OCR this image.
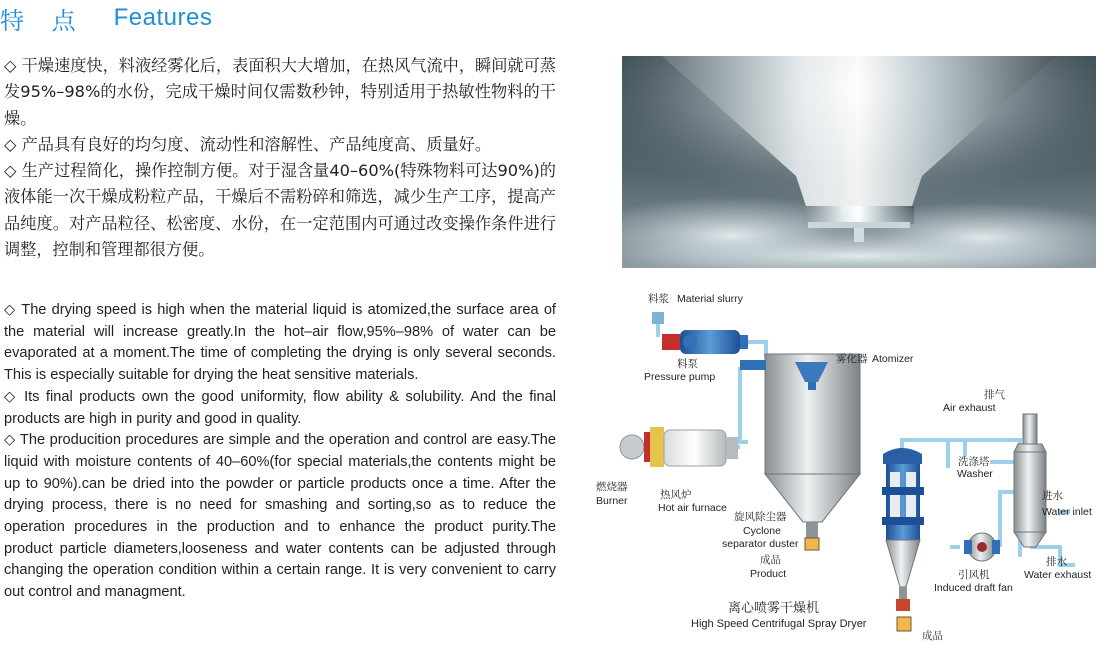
特 点 Features

◇ 干燥速度快，料液经雾化后，表面积大大增加，在热风气流中，瞬间就可蒸发95%–98%的水份，完成干燥时间仅需数秒钟，特别适用于热敏性物料的干燥。

◇ 产品具有良好的均匀度、流动性和溶解性、产品纯度高、质量好。

◇ 生产过程简化，操作控制方便。对于湿含量40–60%(特殊物料可达90%)的液体能一次干燥成粉粒产品，干燥后不需粉碎和筛选，减少生产工序，提高产品纯度。对产品粒径、松密度、水份，在一定范围内可通过改变操作条件进行调整，控制和管理都很方便。

◇ The drying speed is high when the material liquid is atomized,the surface area of the material will increase greatly.In the hot–air flow,95%–98% of water can be evaporated at a moment.The time of completing the drying is only several seconds. This is especially suitable for drying the heat sensitive materials.

◇ Its final products own the good uniformity, flow ability & solubility. And the final products are high in purity and good in quality.

◇ The producition procedures are simple and the operation and control are easy.The liquid with moisture contents of 40–60%(for special materials,the contents might be up to 90%).can be dried into the powder or particle products once a time. After the drying process, there is no need for smashing and sorting,so as to reduce the operation procedures in the production and to enhance the product purity.The product particle diameters,looseness and water contents can be adjusted through changing the operation condition within a certain range. It is very convenient to carry out control and managment.

料浆 Material slurry
料泵
Pressure pump
雾化器 Atomizer
排气
Air exhaust
洗涤塔
Washer
燃烧器
Burner	热风炉
Hot air furnace
旋风除尘器
Cyclone
separator duster
成品
Product
进水
Water inlet
排水
Water exhaust
引风机
Induced draft fan
离心喷雾干燥机
High Speed Centrifugal Spray Dryer
成品
